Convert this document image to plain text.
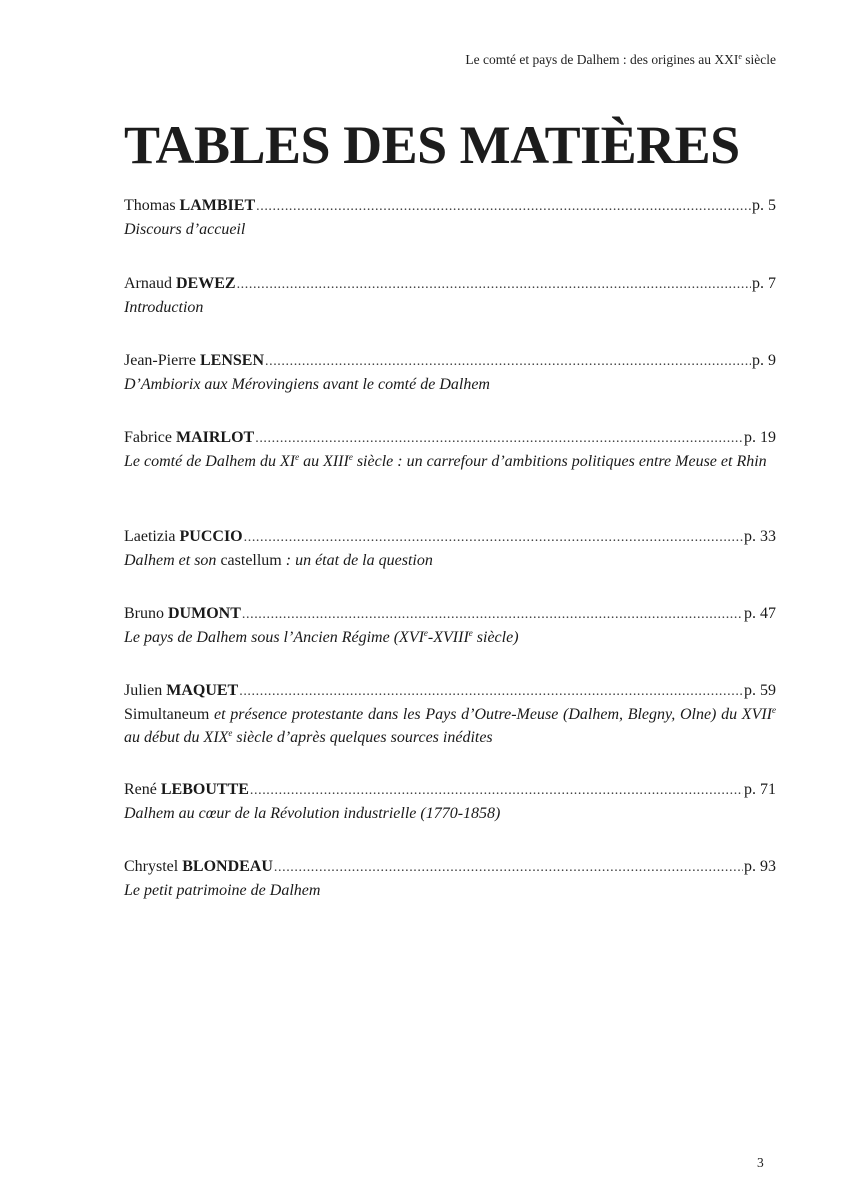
Le comté et pays de Dalhem : des origines au XXIe siècle
TABLES DES MATIÈRES
Thomas LAMBIET .....	p. 5
Discours d’accueil
Arnaud DEWEZ .....	p. 7
Introduction
Jean-Pierre LENSEN .....	p. 9
D’Ambiorix aux Mérovingiens avant le comté de Dalhem
Fabrice MAIRLOT .....	p. 19
Le comté de Dalhem du XIe au XIIIe siècle : un carrefour d’ambitions politiques entre Meuse et Rhin
Laetizia PUCCIO .....	p. 33
Dalhem et son castellum : un état de la question
Bruno DUMONT .....	p. 47
Le pays de Dalhem sous l’Ancien Régime (XVIe-XVIIIe siècle)
Julien MAQUET .....	p. 59
Simultaneum et présence protestante dans les Pays d’Outre-Meuse (Dalhem, Blegny, Olne) du XVIIe au début du XIXe siècle d’après quelques sources inédites
René LEBOUTTE .....	p. 71
Dalhem au cœur de la Révolution industrielle (1770-1858)
Chrystel BLONDEAU .....	p. 93
Le petit patrimoine de Dalhem
3
